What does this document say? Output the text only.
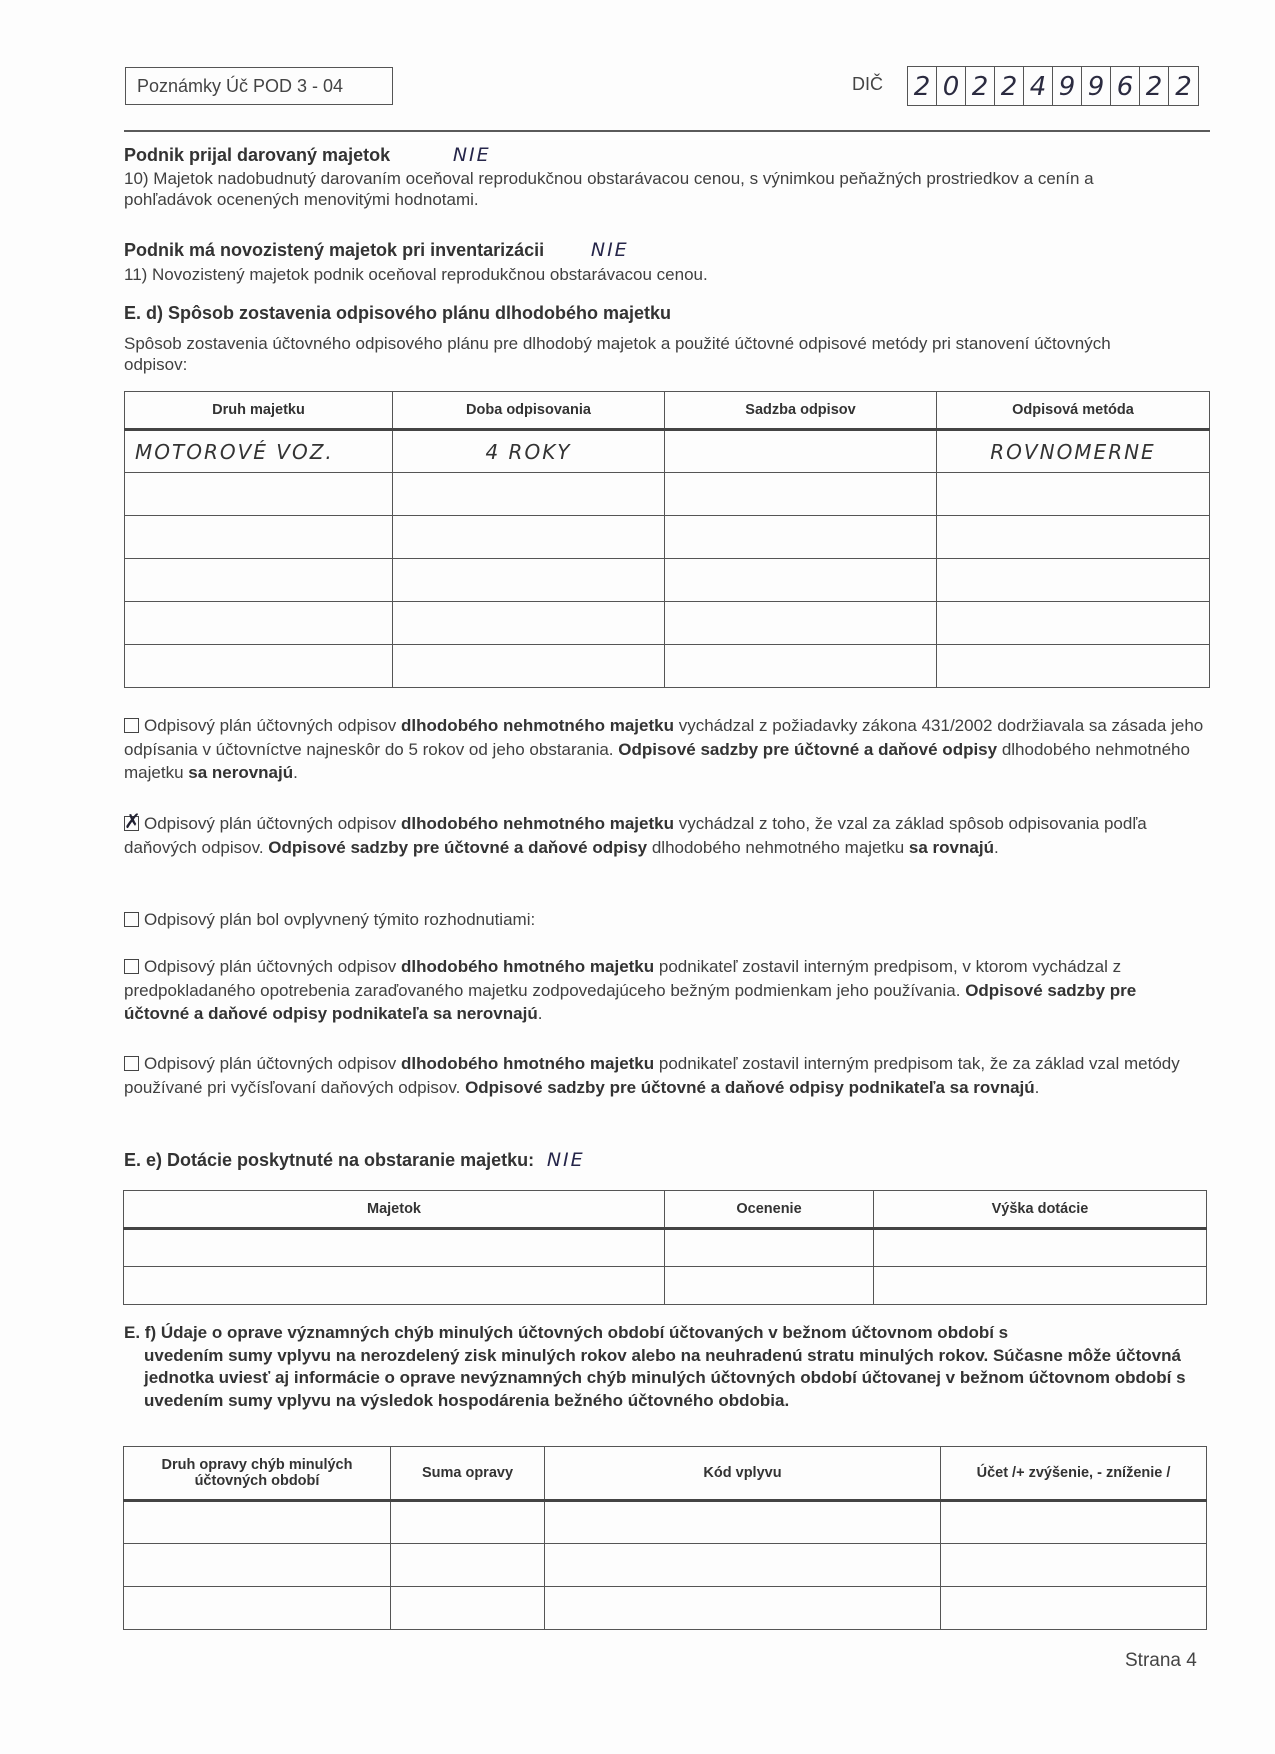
Poznámky Úč POD 3 - 04	DIČ 2 0 2 2 4 9 9 6 2 2
Podnik prijal darovaný majetok	NIE
10) Majetok nadobudnutý darovaním oceňoval reprodukčnou obstarávacou cenou, s výnimkou peňažných prostriedkov a cenín a pohľadávok ocenených menovitými hodnotami.
Podnik má novozistený majetok pri inventarizácii NIE
11) Novozistený majetok podnik oceňoval reprodukčnou obstarávacou cenou.
E. d) Spôsob zostavenia odpisového plánu dlhodobého majetku
Spôsob zostavenia účtovného odpisového plánu pre dlhodobý majetok a použité účtovné odpisové metódy pri stanovení účtovných odpisov:
Druh majetku	Doba odpisovania	Sadzba odpisov	Odpisová metóda
MOTOROVÉ VOZ.	4 ROKY		ROVNOMERNE

Odpisový plán účtovných odpisov dlhodobého nehmotného majetku vychádzal z požiadavky zákona 431/2002 dodržiavala sa zásada jeho odpísania v účtovníctve najneskôr do 5 rokov od jeho obstarania. Odpisové sadzby pre účtovné a daňové odpisy dlhodobého nehmotného majetku sa nerovnajú.
✗Odpisový plán účtovných odpisov dlhodobého nehmotného majetku vychádzal z toho, že vzal za základ spôsob odpisovania podľa daňových odpisov. Odpisové sadzby pre účtovné a daňové odpisy dlhodobého nehmotného majetku sa rovnajú.
Odpisový plán bol ovplyvnený týmito rozhodnutiami:
Odpisový plán účtovných odpisov dlhodobého hmotného majetku podnikateľ zostavil interným predpisom, v ktorom vychádzal z predpokladaného opotrebenia zaraďovaného majetku zodpovedajúceho bežným podmienkam jeho používania. Odpisové sadzby pre účtovné a daňové odpisy podnikateľa sa nerovnajú.
Odpisový plán účtovných odpisov dlhodobého hmotného majetku podnikateľ zostavil interným predpisom tak, že za základ vzal metódy používané pri vyčísľovaní daňových odpisov. Odpisové sadzby pre účtovné a daňové odpisy podnikateľa sa rovnajú.
E. e) Dotácie poskytnuté na obstaranie majetku: NIE
Majetok	Ocenenie	Výška dotácie

E. f) Údaje o oprave významných chýb minulých účtovných období účtovaných v bežnom účtovnom období s
uvedením sumy vplyvu na nerozdelený zisk minulých rokov alebo na neuhradenú stratu minulých rokov. Súčasne môže účtovná jednotka uviesť aj informácie o oprave nevýznamných chýb minulých účtovných období účtovanej v bežnom účtovnom období s uvedením sumy vplyvu na výsledok hospodárenia bežného účtovného obdobia.
Druh opravy chýb minulých účtovných období	Suma opravy	Kód vplyvu	Účet /+ zvýšenie, - zníženie /

Strana 4
